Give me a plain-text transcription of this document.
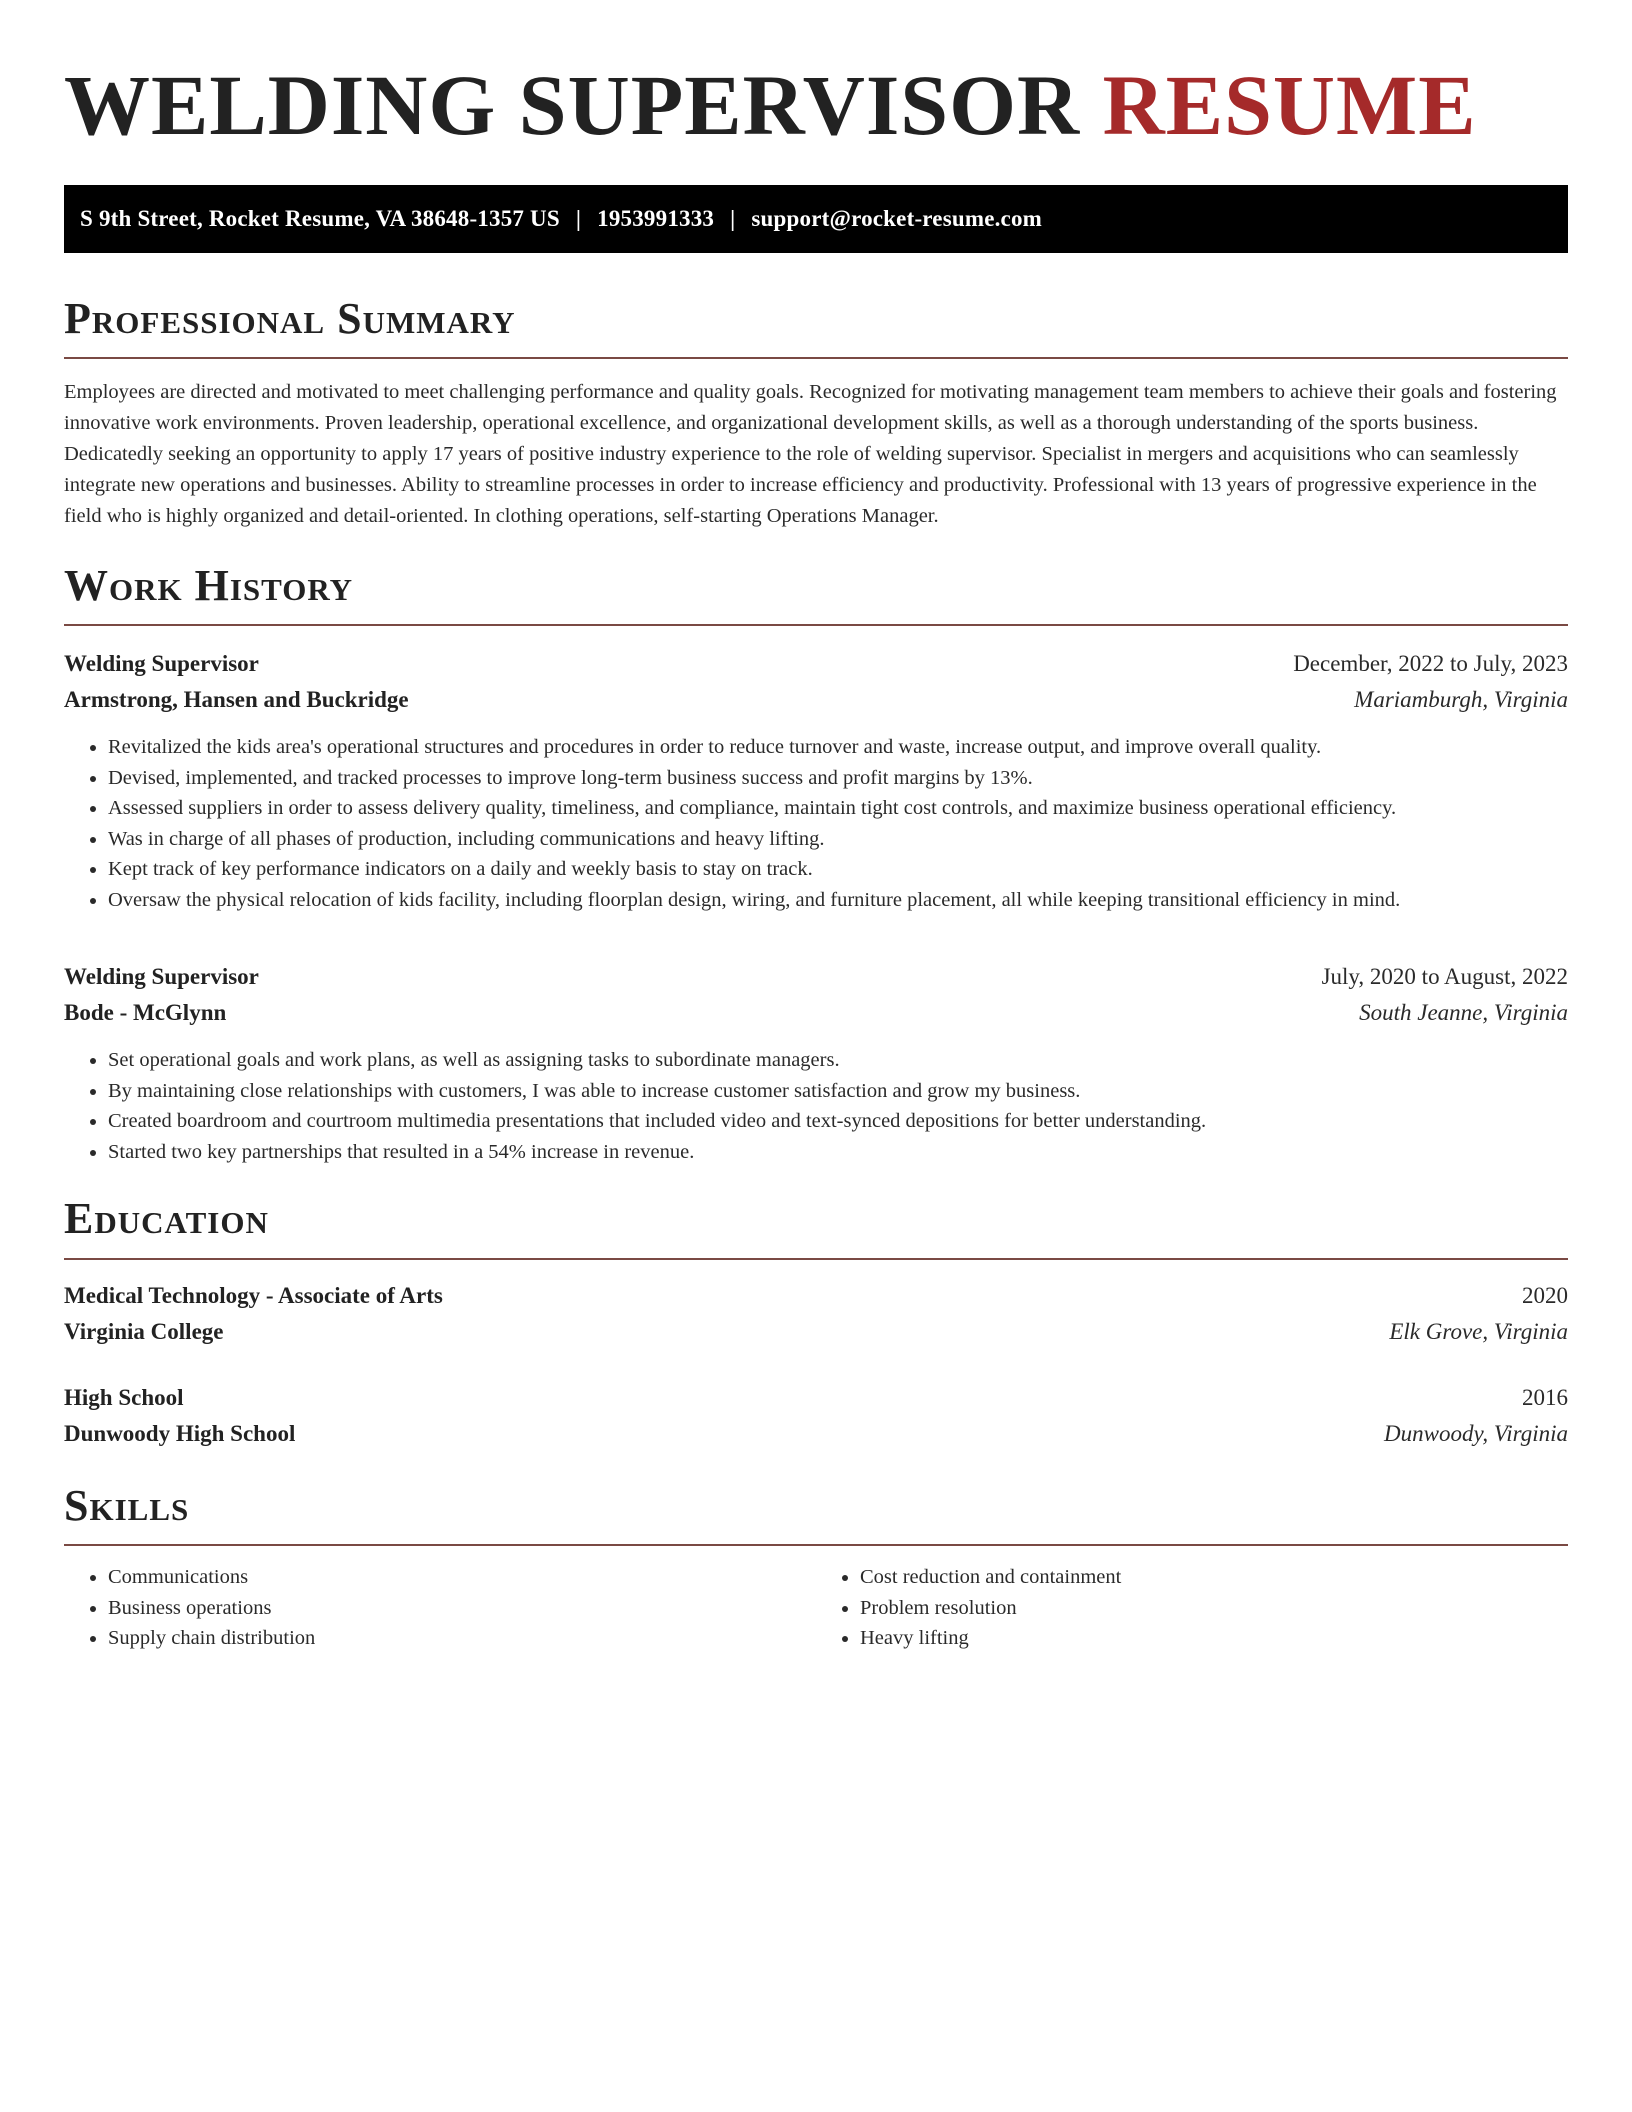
WELDING SUPERVISOR RESUME
S 9th Street, Rocket Resume, VA 38648-1357 US | 1953991333 | support@rocket-resume.com
Professional Summary

Employees are directed and motivated to meet challenging performance and quality goals. Recognized for motivating management team members to achieve their goals and fostering innovative work environments. Proven leadership, operational excellence, and organizational development skills, as well as a thorough understanding of the sports business. Dedicatedly seeking an opportunity to apply 17 years of positive industry experience to the role of welding supervisor. Specialist in mergers and acquisitions who can seamlessly integrate new operations and businesses. Ability to streamline processes in order to increase efficiency and productivity. Professional with 13 years of progressive experience in the field who is highly organized and detail-oriented. In clothing operations, self-starting Operations Manager.

Work History
Welding Supervisor	December, 2022 to July, 2023
Armstrong, Hansen and Buckridge	Mariamburgh, Virginia
• Revitalized the kids area's operational structures and procedures in order to reduce turnover and waste, increase output, and improve overall quality.
• Devised, implemented, and tracked processes to improve long-term business success and profit margins by 13%.
• Assessed suppliers in order to assess delivery quality, timeliness, and compliance, maintain tight cost controls, and maximize business operational efficiency.
• Was in charge of all phases of production, including communications and heavy lifting.
• Kept track of key performance indicators on a daily and weekly basis to stay on track.
• Oversaw the physical relocation of kids facility, including floorplan design, wiring, and furniture placement, all while keeping transitional efficiency in mind.
Welding Supervisor	July, 2020 to August, 2022
Bode - McGlynn	South Jeanne, Virginia
• Set operational goals and work plans, as well as assigning tasks to subordinate managers.
• By maintaining close relationships with customers, I was able to increase customer satisfaction and grow my business.
• Created boardroom and courtroom multimedia presentations that included video and text-synced depositions for better understanding.
• Started two key partnerships that resulted in a 54% increase in revenue.
Education
Medical Technology - Associate of Arts	2020
Virginia College	Elk Grove, Virginia
High School	2016
Dunwoody High School	Dunwoody, Virginia
Skills
• Communications
• Business operations
• Supply chain distribution
• Cost reduction and containment
• Problem resolution
• Heavy lifting
